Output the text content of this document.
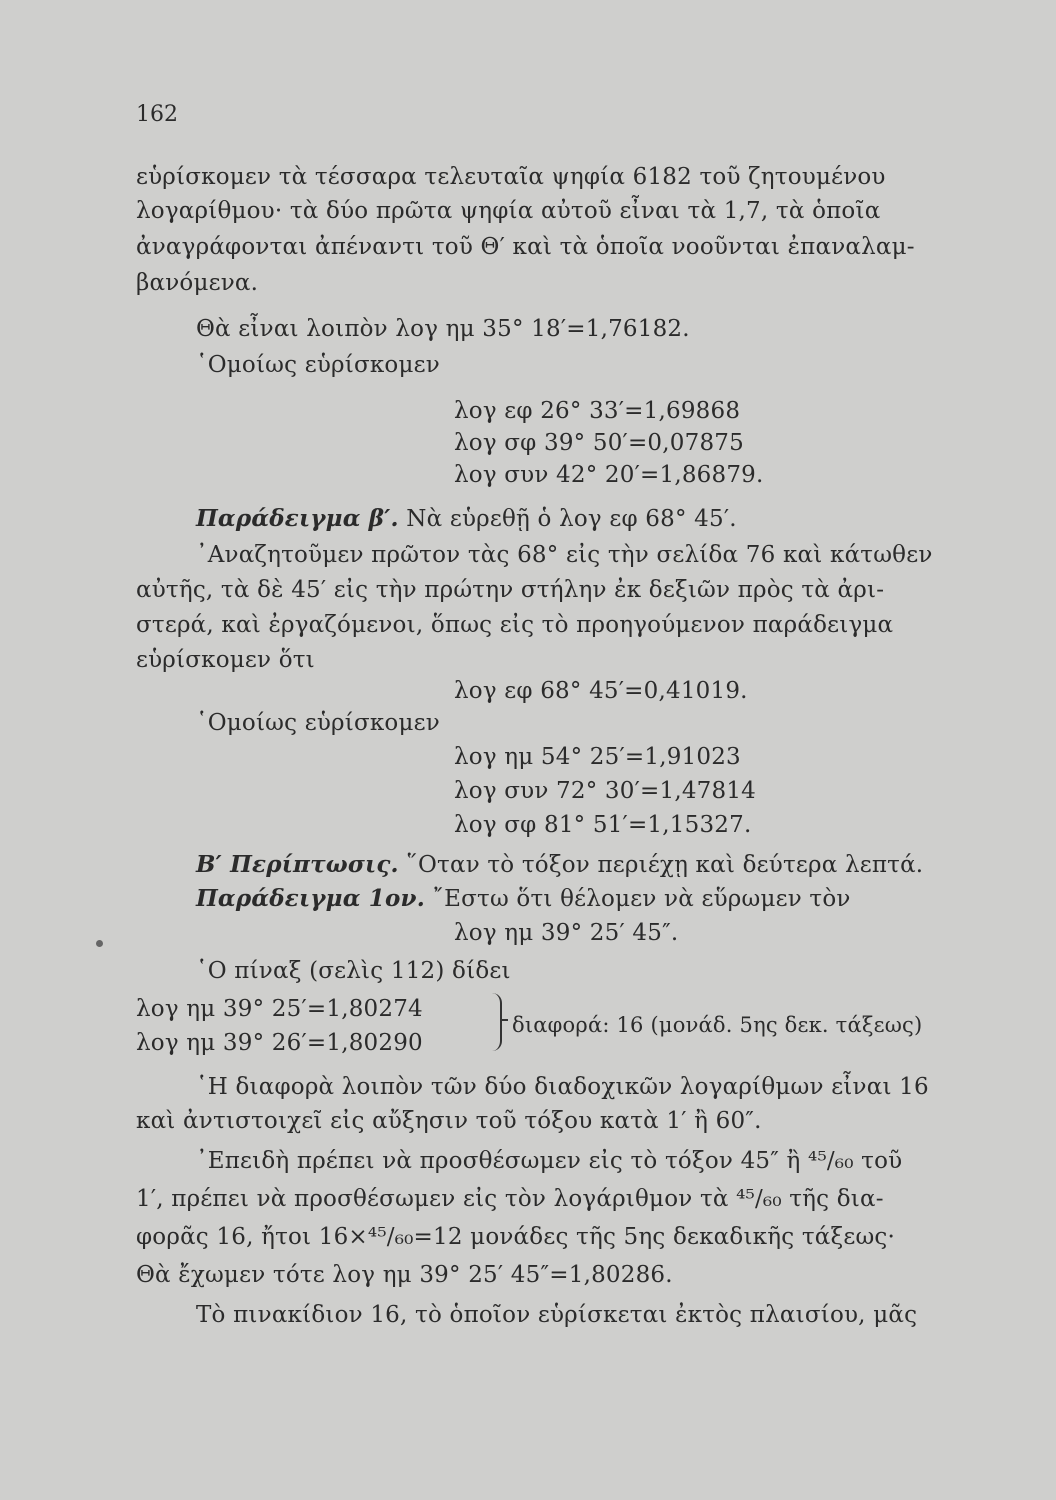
162
εὑρίσκομεν τὰ τέσσαρα τελευταῖα ψηφία 6182 τοῦ ζητουμένου
λογαρίθμου· τὰ δύο πρῶτα ψηφία αὐτοῦ εἶναι τὰ 1,7, τὰ ὁποῖα
ἀναγράφονται ἀπέναντι τοῦ Θ′ καὶ τὰ ὁποῖα νοοῦνται ἐπαναλαμ-
βανόμενα.
Θὰ εἶναι λοιπὸν λογ ημ 35° 18′=1,76182.
῾Ομοίως εὑρίσκομεν
λογ εφ 26° 33′=1,69868
λογ σφ 39° 50′=0,07875
λογ συν 42° 20′=1,86879.
Παράδειγμα β′. Νὰ εὑρεθῇ ὁ λογ εφ 68° 45′.
᾽Αναζητοῦμεν πρῶτον τὰς 68° εἰς τὴν σελίδα 76 καὶ κάτωθεν
αὐτῆς, τὰ δὲ 45′ εἰς τὴν πρώτην στήλην ἐκ δεξιῶν πρὸς τὰ ἀρι-
στερά, καὶ ἐργαζόμενοι, ὅπως εἰς τὸ προηγούμενον παράδειγμα
εὑρίσκομεν ὅτι
λογ εφ 68° 45′=0,41019.
῾Ομοίως εὑρίσκομεν
λογ ημ 54° 25′=1,91023
λογ συν 72° 30′=1,47814
λογ σφ 81° 51′=1,15327.
Β′ Περίπτωσις. ῞Οταν τὸ τόξον περιέχῃ καὶ δεύτερα λεπτά.
Παράδειγμα 1ον. ῎Εστω ὅτι θέλομεν νὰ εὕρωμεν τὸν
λογ ημ 39° 25′ 45″.
῾Ο πίναξ (σελὶς 112) δίδει
λογ ημ 39° 25′=1,80274
λογ ημ 39° 26′=1,80290
διαφορά: 16 (μονάδ. 5ης δεκ. τάξεως)
῾Η διαφορὰ λοιπὸν τῶν δύο διαδοχικῶν λογαρίθμων εἶναι 16
καὶ ἀντιστοιχεῖ εἰς αὔξησιν τοῦ τόξου κατὰ 1′ ἢ 60″.
᾽Επειδὴ πρέπει νὰ προσθέσωμεν εἰς τὸ τόξον 45″ ἢ ⁴⁵/₆₀ τοῦ
1′, πρέπει νὰ προσθέσωμεν εἰς τὸν λογάριθμον τὰ ⁴⁵/₆₀ τῆς δια-
φορᾶς 16, ἤτοι 16×⁴⁵/₆₀=12 μονάδες τῆς 5ης δεκαδικῆς τάξεως·
Θὰ ἔχωμεν τότε λογ ημ 39° 25′ 45″=1,80286.
Τὸ πινακίδιον 16, τὸ ὁποῖον εὑρίσκεται ἐκτὸς πλαισίου, μᾶς
